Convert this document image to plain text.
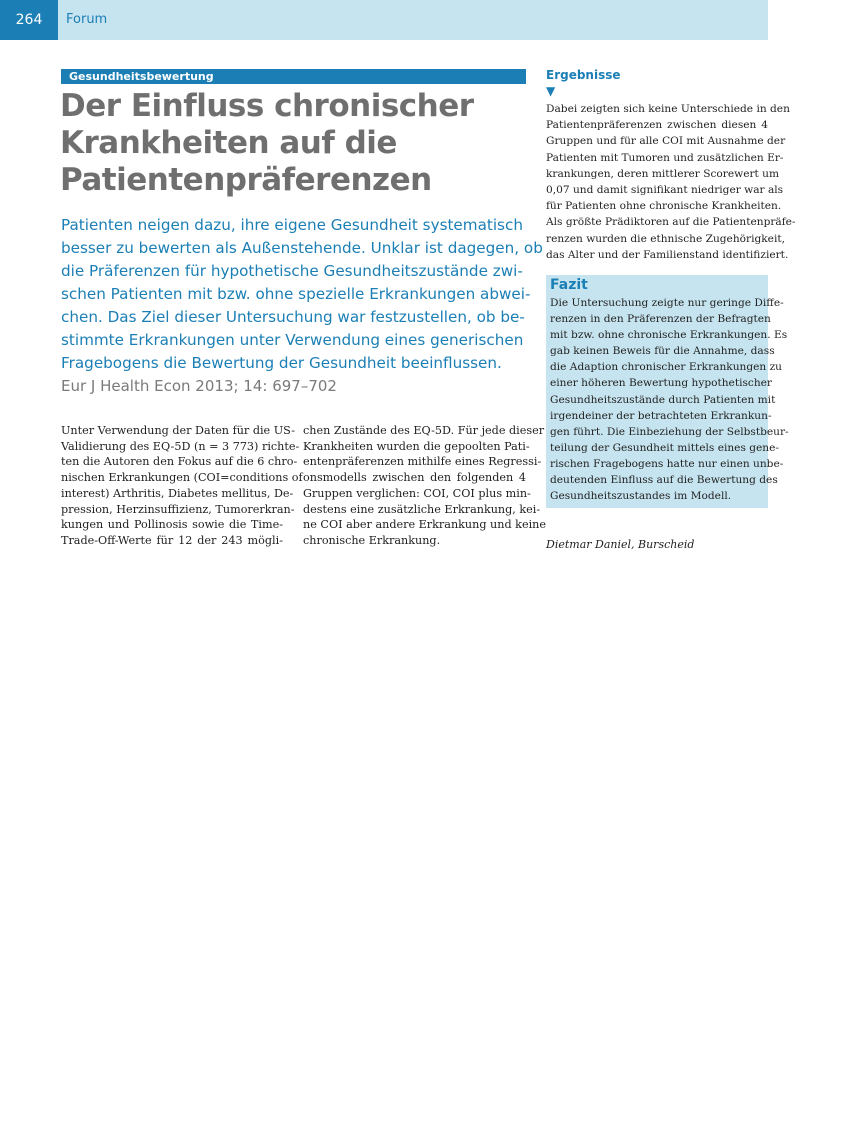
264	Forum
Gesundheitsbewertung
Der Einfluss chronischer
Krankheiten auf die
Patientenpräferenzen
Patienten neigen dazu, ihre eigene Gesundheit systematisch
besser zu bewerten als Außenstehende. Unklar ist dagegen, ob
die Präferenzen für hypothetische Gesundheitszustände zwi-
schen Patienten mit bzw. ohne spezielle Erkrankungen abwei-
chen. Das Ziel dieser Untersuchung war festzustellen, ob be-
stimmte Erkrankungen unter Verwendung eines generischen
Fragebogens die Bewertung der Gesundheit beeinflussen.
Eur J Health Econ 2013; 14: 697–702
Unter Verwendung der Daten für die US-
Validierung des EQ-5D (n = 3 773) richte-
ten die Autoren den Fokus auf die 6 chro-
nischen Erkrankungen (COI=conditions of
interest) Arthritis, Diabetes mellitus, De-
pression, Herzinsuffizienz, Tumorerkran-
kungen und Pollinosis sowie die Time-
Trade-Off-Werte für 12 der 243 mögli-
chen Zustände des EQ-5D. Für jede dieser
Krankheiten wurden die gepoolten Pati-
entenpräferenzen mithilfe eines Regressi-
onsmodells zwischen den folgenden 4
Gruppen verglichen: COI, COI plus min-
destens eine zusätzliche Erkrankung, kei-
ne COI aber andere Erkrankung und keine
chronische Erkrankung.
Ergebnisse
▼
Dabei zeigten sich keine Unterschiede in den
Patientenpräferenzen zwischen diesen 4
Gruppen und für alle COI mit Ausnahme der
Patienten mit Tumoren und zusätzlichen Er-
krankungen, deren mittlerer Scorewert um
0,07 und damit signifikant niedriger war als
für Patienten ohne chronische Krankheiten.
Als größte Prädiktoren auf die Patientenpräfe-
renzen wurden die ethnische Zugehörigkeit,
das Alter und der Familienstand identifiziert.
Fazit
Die Untersuchung zeigte nur geringe Diffe-
renzen in den Präferenzen der Befragten
mit bzw. ohne chronische Erkrankungen. Es
gab keinen Beweis für die Annahme, dass
die Adaption chronischer Erkrankungen zu
einer höheren Bewertung hypothetischer
Gesundheitszustände durch Patienten mit
irgendeiner der betrachteten Erkrankun-
gen führt. Die Einbeziehung der Selbstbeur-
teilung der Gesundheit mittels eines gene-
rischen Fragebogens hatte nur einen unbe-
deutenden Einfluss auf die Bewertung des
Gesundheitszustandes im Modell.
Dietmar Daniel, Burscheid
